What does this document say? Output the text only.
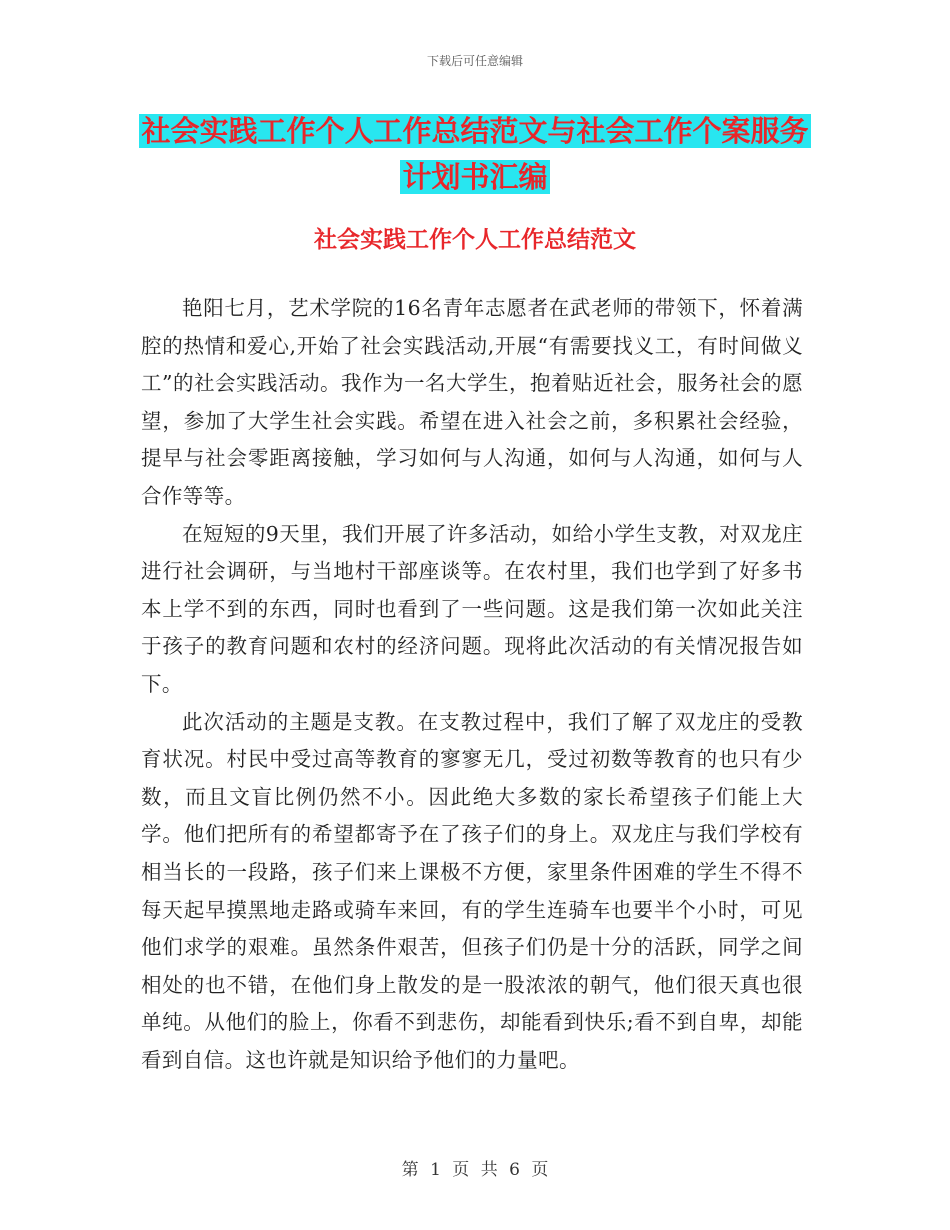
下载后可任意编辑
社会实践工作个人工作总结范文与社会工作个案服务
计划书汇编
社会实践工作个人工作总结范文

艳阳七月，艺术学院的16名青年志愿者在武老师的带领下，怀着满腔的热情和爱心,开始了社会实践活动,开展“有需要找义工，有时间做义工”的社会实践活动。我作为一名大学生，抱着贴近社会，服务社会的愿望，参加了大学生社会实践。希望在进入社会之前，多积累社会经验，提早与社会零距离接触，学习如何与人沟通，如何与人沟通，如何与人合作等等。

在短短的9天里，我们开展了许多活动，如给小学生支教，对双龙庄进行社会调研，与当地村干部座谈等。在农村里，我们也学到了好多书本上学不到的东西，同时也看到了一些问题。这是我们第一次如此关注于孩子的教育问题和农村的经济问题。现将此次活动的有关情况报告如下。

此次活动的主题是支教。在支教过程中，我们了解了双龙庄的受教育状况。村民中受过高等教育的寥寥无几，受过初数等教育的也只有少数，而且文盲比例仍然不小。因此绝大多数的家长希望孩子们能上大学。他们把所有的希望都寄予在了孩子们的身上。双龙庄与我们学校有相当长的一段路，孩子们来上课极不方便，家里条件困难的学生不得不每天起早摸黑地走路或骑车来回，有的学生连骑车也要半个小时，可见他们求学的艰难。虽然条件艰苦，但孩子们仍是十分的活跃，同学之间相处的也不错，在他们身上散发的是一股浓浓的朝气，他们很天真也很单纯。从他们的脸上，你看不到悲伤，却能看到快乐;看不到自卑，却能看到自信。这也许就是知识给予他们的力量吧。

第 1 页 共 6 页
